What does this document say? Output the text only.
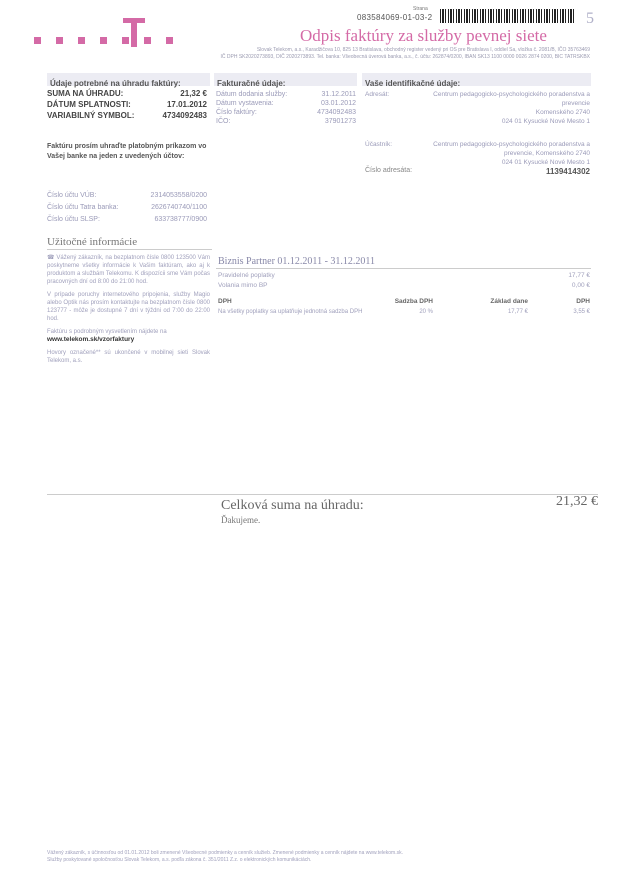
Strana
083584069-01-03-2	5
Odpis faktúry za služby pevnej siete
Slovak Telekom, a.s., Karadžičova 10, 825 13 Bratislava, obchodný register vedený pri OS pre Bratislava I, oddiel Sa, vložka č. 2081/B, IČO 35763469
IČ DPH SK2020273893, DIČ 2020273893. Tel. banka: Všeobecná úverová banka, a.s., č. účtu: 262874/0200, IBAN SK13 1100 0000 0026 2874 0200, BIC TATRSKBX
Údaje potrebné na úhradu faktúry:	Fakturačné údaje:	Vaše identifikačné údaje:
SUMA NA ÚHRADU:	21,32 €
DÁTUM SPLATNOSTI:	17.01.2012
VARIABILNÝ SYMBOL:	4734092483
Faktúru prosím uhraďte platobným príkazom vo Vašej banke na jeden z uvedených účtov:
Číslo účtu VÚB:	2314053558/0200
Číslo účtu Tatra banka:	2626740740/1100
Číslo účtu SLSP:	633738777/0900
Dátum dodania služby:	31.12.2011
Dátum vystavenia:	03.01.2012
Číslo faktúry:	4734092483
IČO:	37901273
Adresát:	Centrum pedagogicko-psychologického poradenstva a prevencie
Komenského 2740
024 01 Kysucké Nové Mesto 1
Účastník:	Centrum pedagogicko-psychologického poradenstva a
prevencie, Komenského 2740
024 01 Kysucké Nové Mesto 1
Číslo adresáta:	1139414302
Užitočné informácie

☎ Vážený zákazník, na bezplatnom čísle 0800 123500 Vám poskytneme všetky informácie k Vašim faktúram, ako aj k produktom a službám Telekomu. K dispozícii sme Vám počas pracovných dní od 8:00 do 21:00 hod.

V prípade poruchy internetového pripojenia, služby Magio alebo Optik nás prosím kontaktujte na bezplatnom čísle 0800 123777 - môže je dostupné 7 dní v týždni od 7:00 do 22:00 hod.

Faktúru s podrobným vysvetlením nájdete na

www.telekom.sk/vzorfaktury

Hovory označené** sú ukončené v mobilnej sieti Slovak Telekom, a.s.

Biznis Partner 01.12.2011 - 31.12.2011
Pravidelné poplatky	17,77 €
Volania mimo BP	0,00 €
DPH	Sadzba DPH	Základ dane	DPH
Na všetky poplatky sa uplatňuje jednotná sadzba DPH	20 %	17,77 €	3,55 €
Celková suma na úhradu:	21,32 €
Ďakujeme.
Vážený zákazník, s účinnosťou od 01.01.2012 boli zmenené Všeobecné podmienky a cenník služieb. Zmenené podmienky a cenník nájdete na www.telekom.sk.
Služby poskytované spoločnosťou Slovak Telekom, a.s. podľa zákona č. 351/2011 Z.z. o elektronických komunikáciách.
